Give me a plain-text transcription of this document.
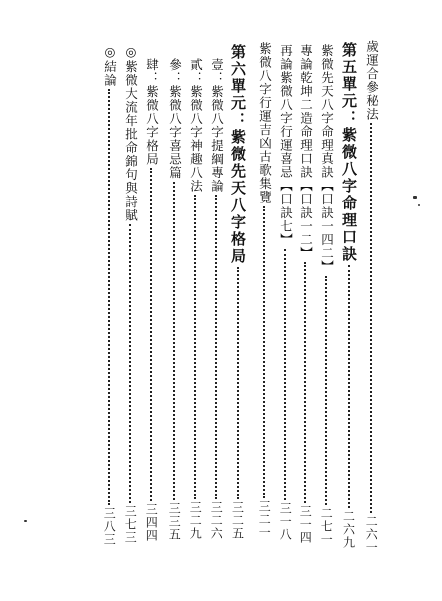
歲運合參秘法
二六一
第五單元：紫微八字命理口訣
二六九
紫微先天八字命理真訣【口訣一四二】
二七一
專論乾坤二造命理口訣【口訣一二】
三一四
再論紫微八字行運喜忌【口訣七】
三一八
紫微八字行運吉凶古歌集覽
三二一
第六單元：紫微先天八字格局
三二五
壹：紫微八字提綱專論
三二六
貳：紫微八字神趣八法
三二九
參：紫微八字喜忌篇
三三五
肆：紫微八字格局
三四四
◎紫微大流年批命錦句與詩賦
三七三
◎結論
三八三
